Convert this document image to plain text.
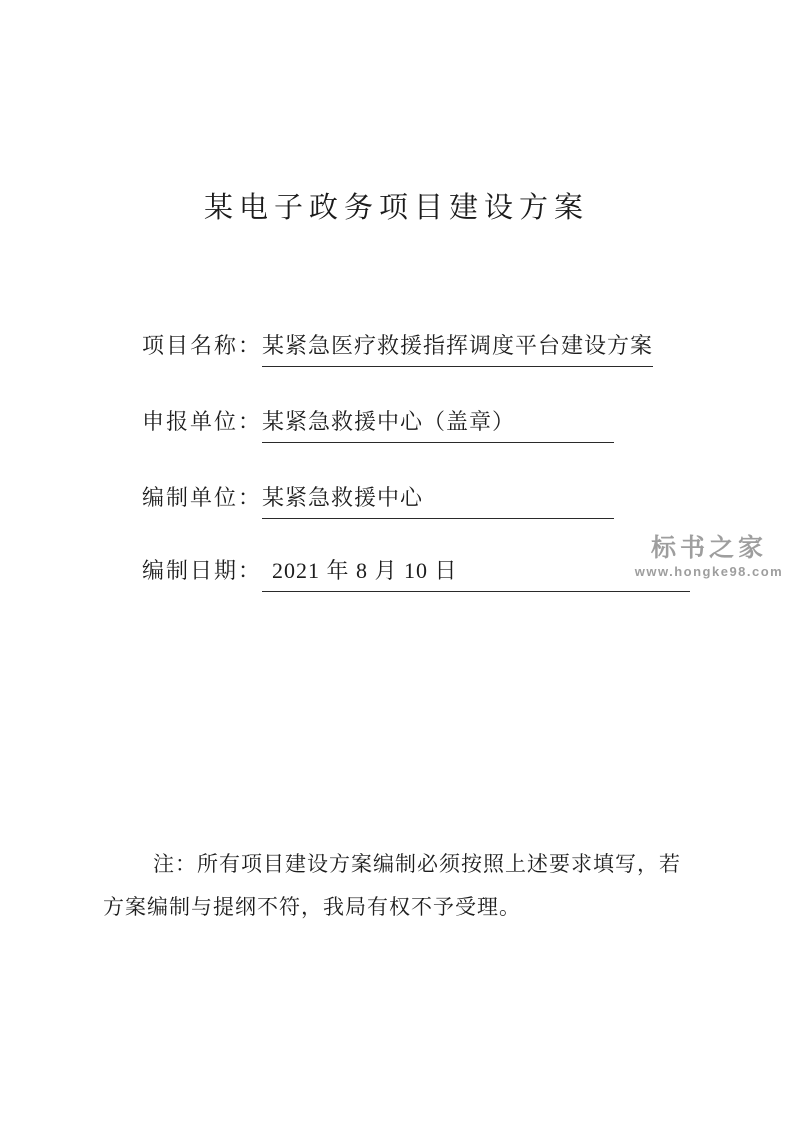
某电子政务项目建设方案
项目名称： 某紧急医疗救援指挥调度平台建设方案
申报单位： 某紧急救援中心（盖章）
编制单位： 某紧急救援中心
编制日期： 2021 年 8 月 10 日
标书之家
www.hongke98.com

注：所有项目建设方案编制必须按照上述要求填写，若方案编制与提纲不符，我局有权不予受理。
